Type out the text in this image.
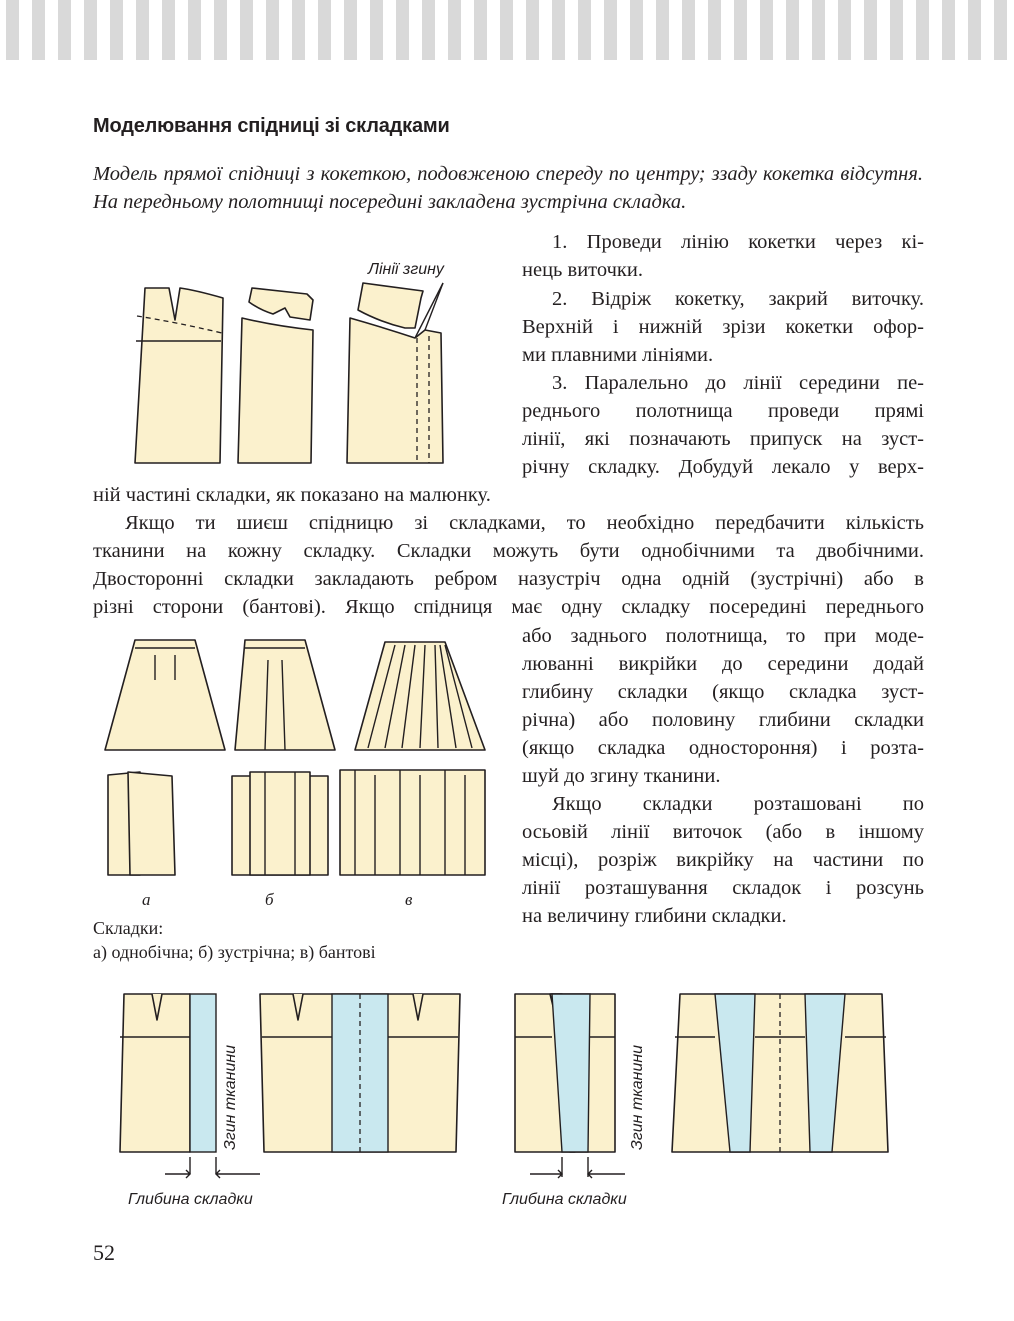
Моделювання спідниці зі складками
Модель прямої спідниці з кокеткою, подовженою спереду по центру; ззаду кокетка відсутня. На передньому полотнищі посередині закладена зустрічна складка.
Лінії згину
1. Проведи лінію кокетки через кі-
нець виточки.
2. Відріж кокетку, закрий виточку.
Верхній і нижній зрізи кокетки офор-
ми плавними лініями.
3. Паралельно до лінії середини пе-
реднього полотнища проведи прямі
лінії, які позначають припуск на зуст-
річну складку. Добудуй лекало у верх-
ній частині складки, як показано на малюнку.
Якщо ти шиєш спідницю зі складками, то необхідно передбачити кількість
тканини на кожну складку. Складки можуть бути однобічними та двобічними.
Двосторонні складки закладають ребром назустріч одна одній (зустрічні) або в
різні сторони (бантові). Якщо спідниця має одну складку посередині переднього
або заднього полотнища, то при моде-
люванні викрійки до середини додай
глибину складки (якщо складка зуст-
річна) або половину глибини складки
(якщо складка одностороння) і розта-
шуй до згину тканини.
Якщо складки розташовані по
осьовій лінії виточок (або в іншому
місці), розріж викрійку на частини по
лінії розташування складок і розсунь
на величину глибини складки.
а	б	в
Складки:
а) однобічна; б) зустрічна; в) бантові
Згин тканини
Глибина складки
Згин тканини
Глибина складки
52
